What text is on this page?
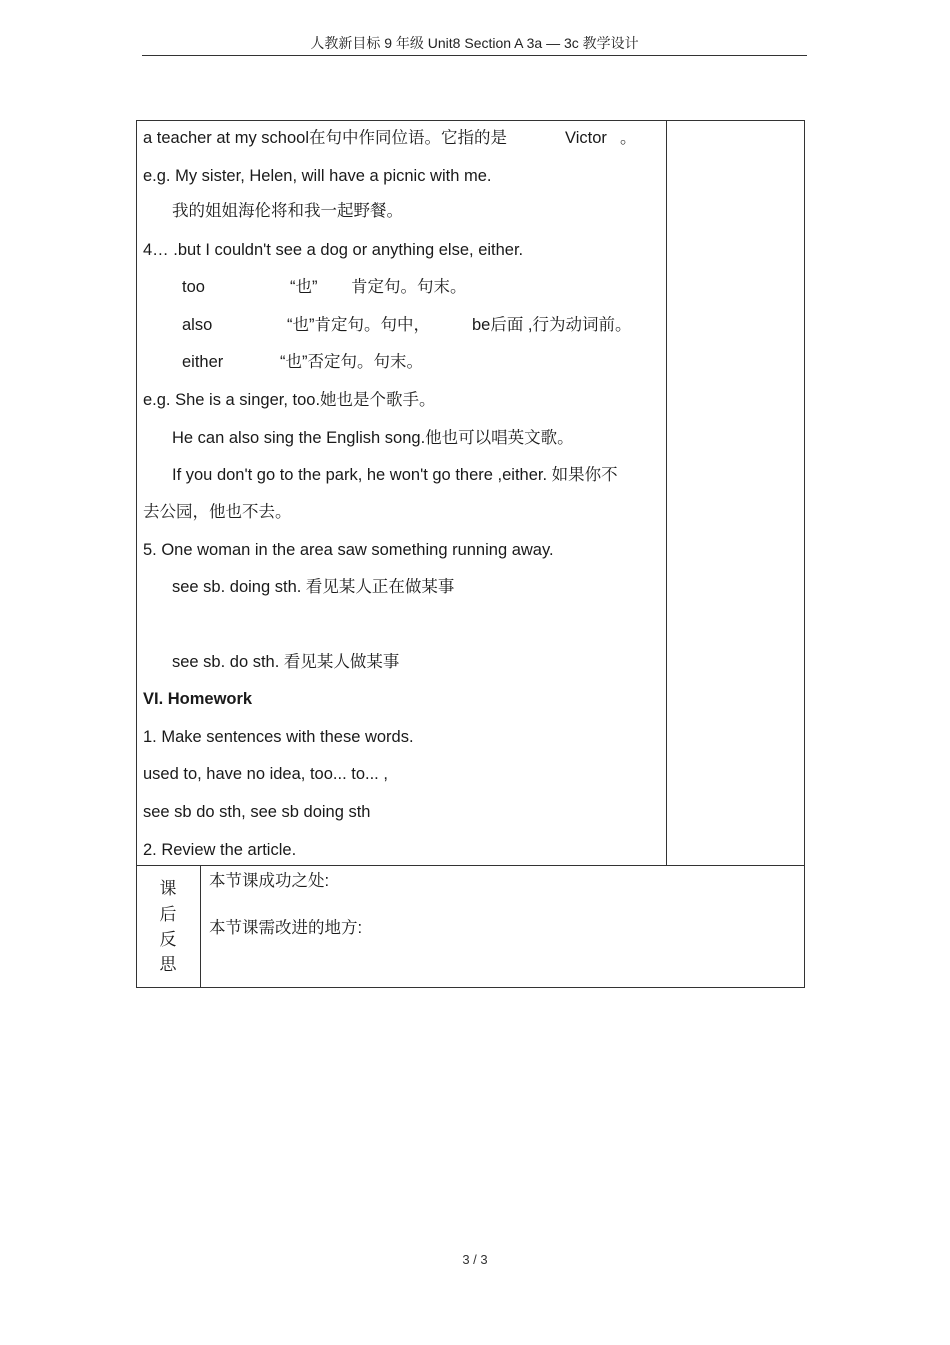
人教新目标 9 年级 Unit8 Section A 3a — 3c 教学设计
a teacher at my school在句中作同位语。它指的是	Victor 。
e.g. My sister, Helen, will have a picnic with me.
我的姐姐海伦将和我一起野餐。
4… .but I couldn't see a dog or anything else, either.
too	“也” 肯定句。句末。
also	“也”肯定句。句中，	be后面 ,行为动词前。
either	“也”否定句。句末。
e.g. She is a singer, too.她也是个歌手。
He can also sing the English song.他也可以唱英文歌。
If you don't go to the park, he won't go there ,either. 如果你不
去公园，他也不去。
5. One woman in the area saw something running away.
see sb. doing sth. 看见某人正在做某事
see sb. do sth. 看见某人做某事
VI. Homework
1. Make sentences with these words.
used to, have no idea, too... to... ,
see sb do sth, see sb doing sth
2. Review the article.
课
后
反
思
本节课成功之处:
本节课需改进的地方:
3 / 3
